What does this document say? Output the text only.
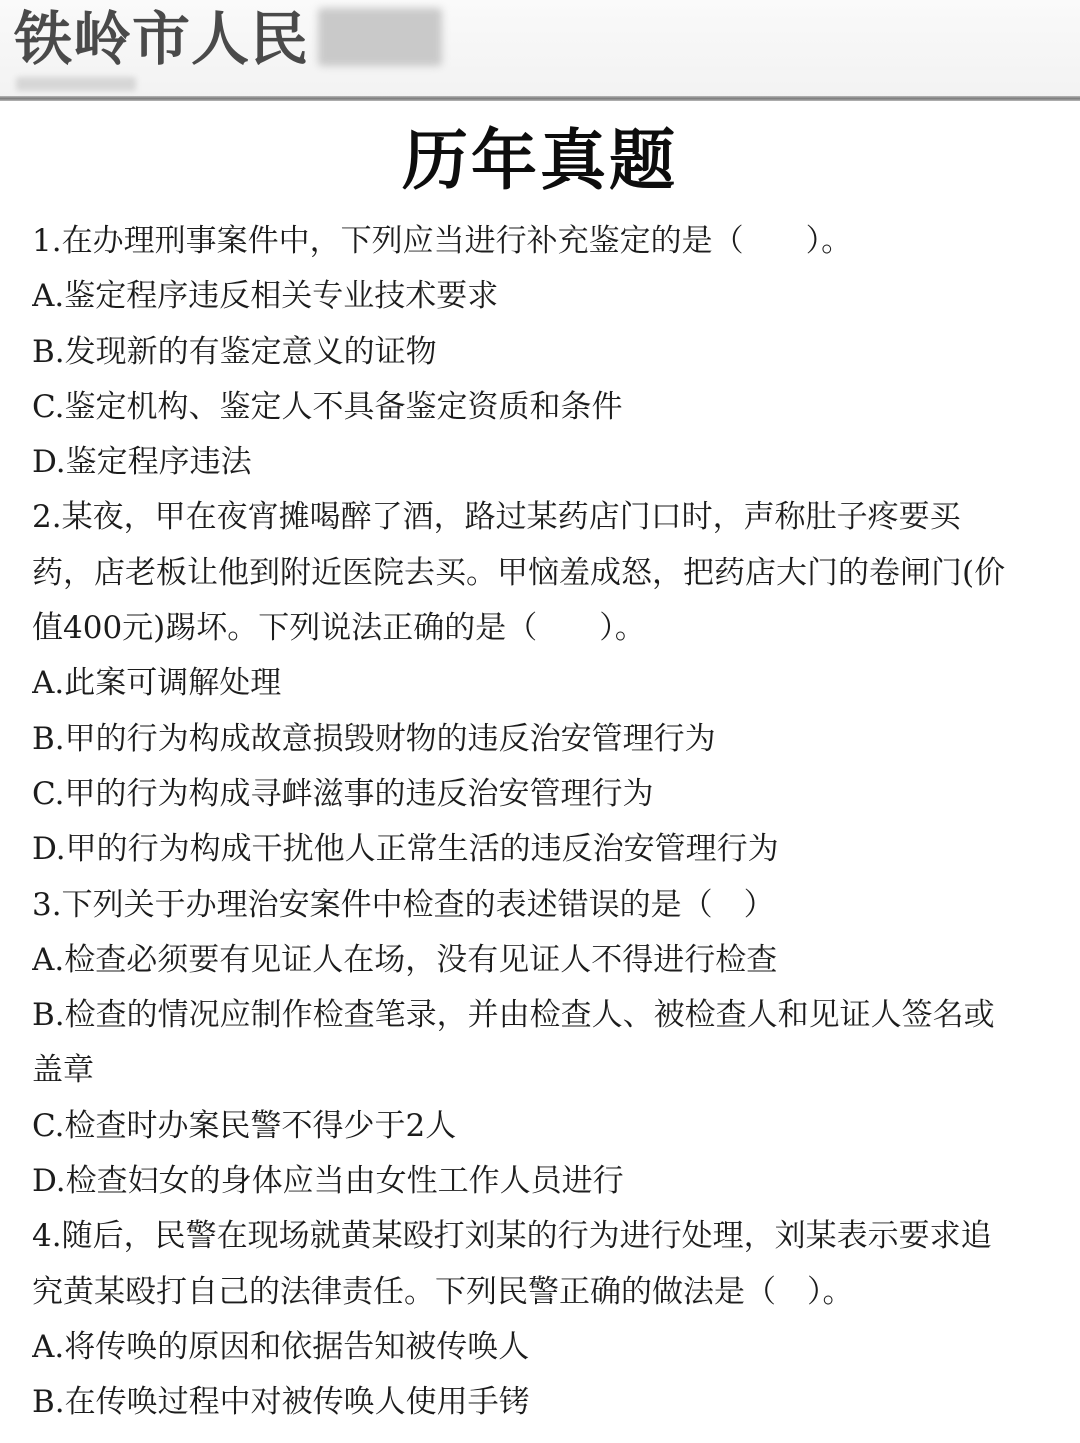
铁岭市人民
历年真题
1.在办理刑事案件中，下列应当进行补充鉴定的是（　　）。
A.鉴定程序违反相关专业技术要求
B.发现新的有鉴定意义的证物
C.鉴定机构、鉴定人不具备鉴定资质和条件
D.鉴定程序违法
2.某夜，甲在夜宵摊喝醉了酒，路过某药店门口时，声称肚子疼要买
药，店老板让他到附近医院去买。甲恼羞成怒，把药店大门的卷闸门(价
值400元)踢坏。下列说法正确的是（　　）。
A.此案可调解处理
B.甲的行为构成故意损毁财物的违反治安管理行为
C.甲的行为构成寻衅滋事的违反治安管理行为
D.甲的行为构成干扰他人正常生活的违反治安管理行为
3.下列关于办理治安案件中检查的表述错误的是（　）
A.检查必须要有见证人在场，没有见证人不得进行检查
B.检查的情况应制作检查笔录，并由检查人、被检查人和见证人签名或
盖章
C.检查时办案民警不得少于2人
D.检查妇女的身体应当由女性工作人员进行
4.随后，民警在现场就黄某殴打刘某的行为进行处理，刘某表示要求追
究黄某殴打自己的法律责任。下列民警正确的做法是（　）。
A.将传唤的原因和依据告知被传唤人
B.在传唤过程中对被传唤人使用手铐
